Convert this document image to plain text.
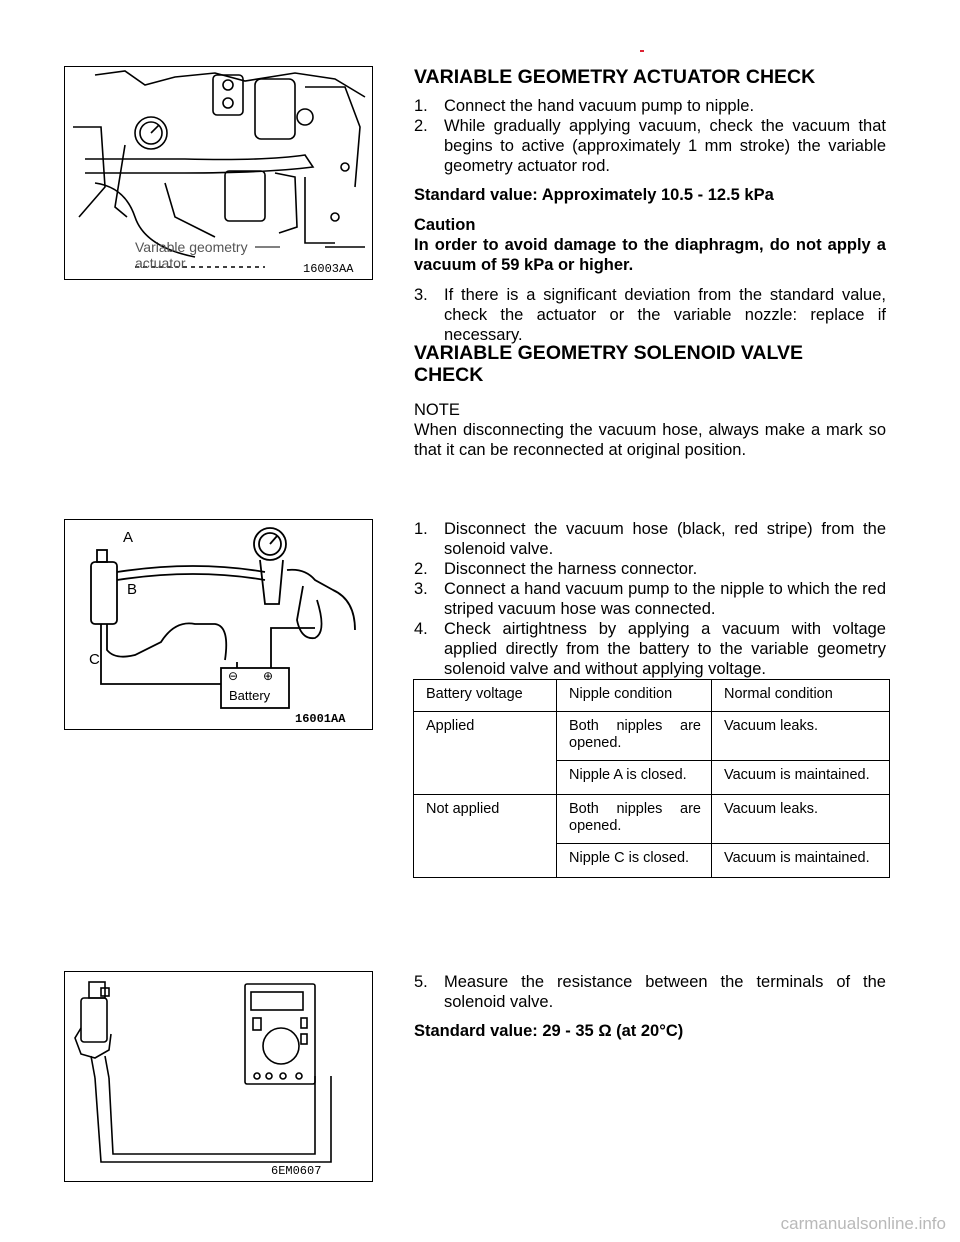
Variable geometry
actuator	16003AA
A
B
C
⊖ ⊕
Battery
16001AA
6EM0607
VARIABLE GEOMETRY ACTUATOR CHECK
1. Connect the hand vacuum pump to nipple.
2. While gradually applying vacuum, check the vacuum that begins to active (approximately 1 mm stroke) the variable geometry actuator rod.

Standard value: Approximately 10.5 - 12.5 kPa

Caution

In order to avoid damage to the diaphragm, do not apply a vacuum of 59 kPa or higher.

3. If there is a significant deviation from the standard value, check the actuator or the variable nozzle: replace if necessary.
VARIABLE GEOMETRY SOLENOID VALVE CHECK

NOTE

When disconnecting the vacuum hose, always make a mark so that it can be reconnected at original position.

1. Disconnect the vacuum hose (black, red stripe) from the solenoid valve.
2. Disconnect the harness connector.
3. Connect a hand vacuum pump to the nipple to which the red striped vacuum hose was connected.
4. Check airtightness by applying a vacuum with voltage applied directly from the battery to the variable geometry solenoid valve and without applying voltage.
Battery voltage	Nipple condition	Normal condition
Applied	Both nipples are opened.	Vacuum leaks.
	Nipple A is closed.	Vacuum is maintained.
Not applied	Both nipples are opened.	Vacuum leaks.
	Nipple C is closed.	Vacuum is maintained.
5. Measure the resistance between the terminals of the solenoid valve.

Standard value: 29 - 35 Ω (at 20°C)

carmanualsonline.info
